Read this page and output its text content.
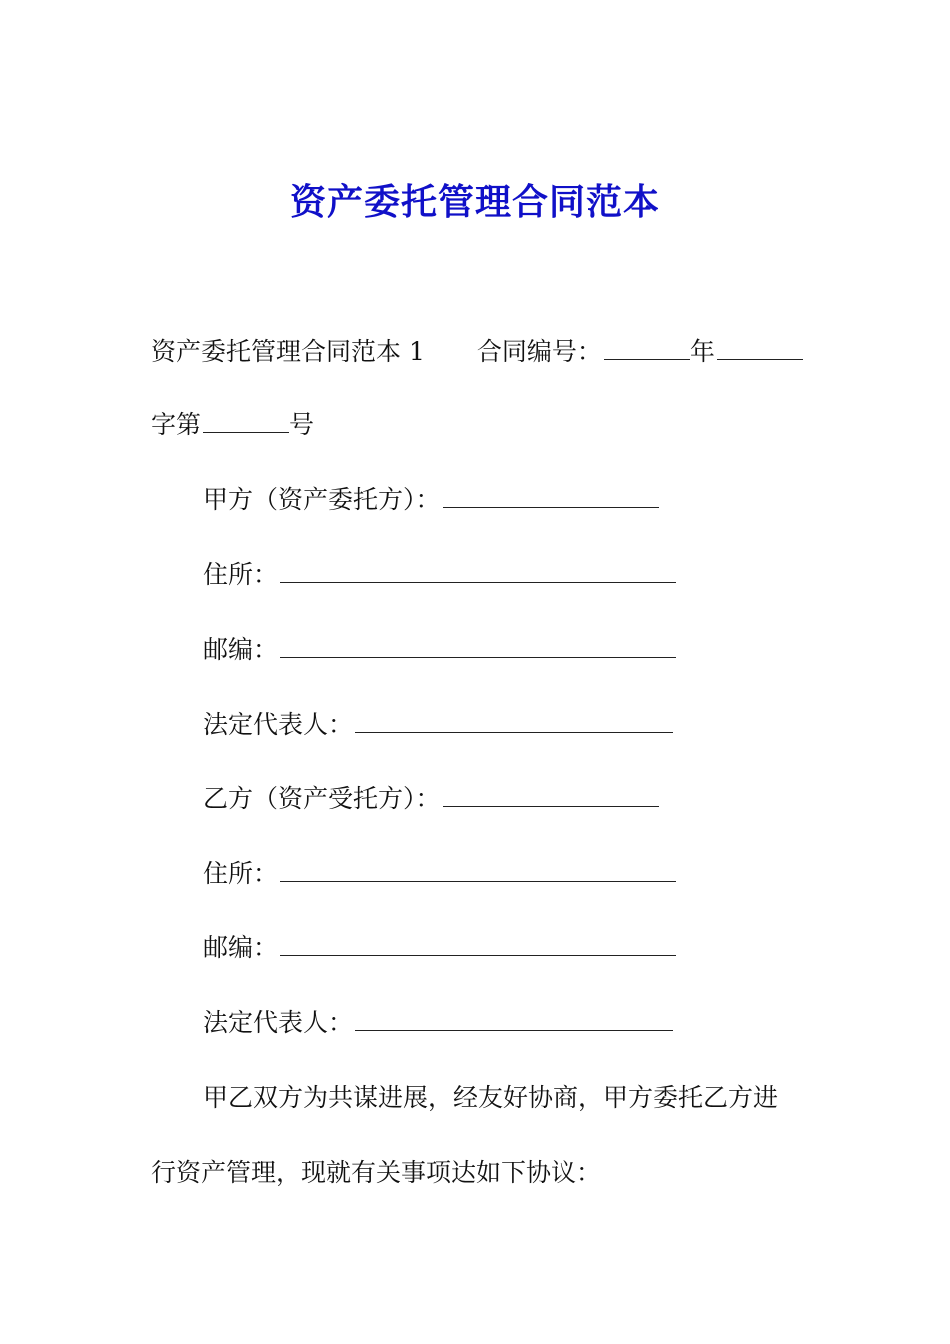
资产委托管理合同范本
资产委托管理合同范本 1 合同编号：	年
字第	号
甲方（资产委托方）：
住所：
邮编：
法定代表人：
乙方（资产受托方）：
住所：
邮编：
法定代表人：
甲乙双方为共谋进展，经友好协商，甲方委托乙方进
行资产管理，现就有关事项达如下协议：
